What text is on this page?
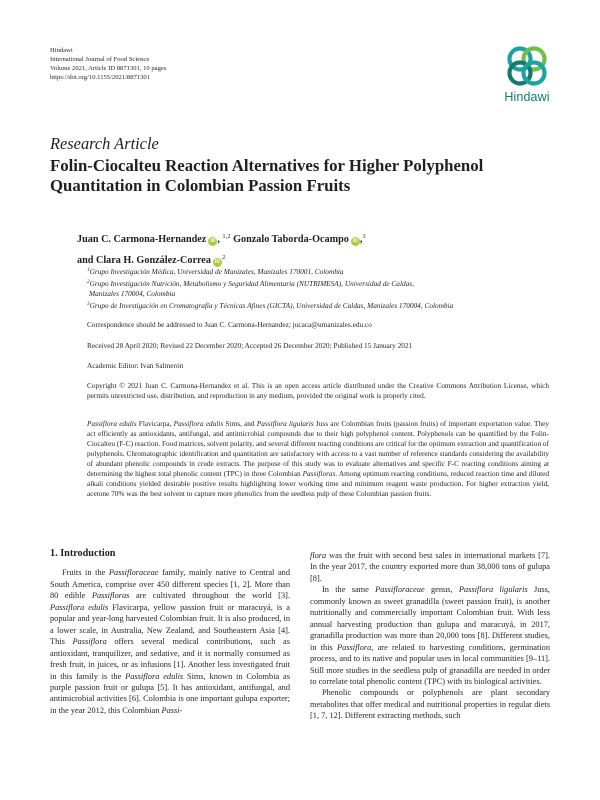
Hindawi
International Journal of Food Science
Volume 2021, Article ID 8871301, 10 pages
https://doi.org/10.1155/2021/8871301
Hindawi
Research Article
Folin-Ciocalteu Reaction Alternatives for Higher Polyphenol Quantitation in Colombian Passion Fruits
Juan C. Carmona-Hernandez iD , $^{1,2}$ Gonzalo Taborda-Ocampo iD ,$^3$
and Clara H. González-Correa $iD^2$
$^1$Grupo Investigación Médica, Universidad de Manizales, Manizales 170001, Colombia
$^2$Grupo Investigación Nutrición, Metabolismo y Seguridad Alimentaria (NUTRIMESA), Universidad de Caldas,
Manizales 170004, Colombia
$^3$Grupo de Investigación en Cromatografía y Técnicas Afines (GICTA), Universidad de Caldas, Manizales 170004, Colombia
Correspondence should be addressed to Juan C. Carmona-Hernandez; jucaca@umanizales.edu.co
Received 28 April 2020; Revised 22 December 2020; Accepted 26 December 2020; Published 15 January 2021
Academic Editor: Ivan Salmerón
Copyright © 2021 Juan C. Carmona-Hernandez et al. This is an open access article distributed under the Creative Commons Attribution License, which permits unrestricted use, distribution, and reproduction in any medium, provided the original work is properly cited.

Passiflora edulis Flavicarpa, Passiflora edulis Sims, and Passiflora ligularis Juss are Colombian fruits (passion fruits) of important exportation value. They act efficiently as antioxidants, antifungal, and antimicrobial compounds due to their high polyphenol content. Polyphenols can be quantified by the Folin-Ciocalteu (F-C) reaction. Food matrices, solvent polarity, and several different reacting conditions are critical for the optimum extraction and quantification of polyphenols. Chromatographic identification and quantitation are satisfactory with access to a vast number of reference standards considering the availability of abundant phenolic compounds in crude extracts. The purpose of this study was to evaluate alternatives and specific F-C reacting conditions aiming at determining the highest total phenolic content (TPC) in three Colombian Passifloras. Among optimum reacting conditions, reduced reaction time and diluted alkali conditions yielded desirable positive results highlighting lower working time and minimum reagent waste production. For higher extraction yield, acetone 70% was the best solvent to capture more phenolics from the seedless pulp of these Colombian passion fruits.

1. Introduction

Fruits in the Passifloraceae family, mainly native to Central and South America, comprise over 450 different species [1, 2]. More than 80 edible Passifloras are cultivated throughout the world [3]. Passiflora edulis Flavicarpa, yellow passion fruit or maracuyá, is a popular and year-long harvested Colombian fruit. It is also produced, in a lower scale, in Australia, New Zealand, and Southeastern Asia [4]. This Passiflora offers several medical contributions, such as antioxidant, tranquilizer, and sedative, and it is normally consumed as fresh fruit, in juices, or as infusions [1]. Another less investigated fruit in this family is the Passiflora edulis Sims, known in Colombia as purple passion fruit or gulupa [5]. It has antioxidant, antifungal, and antimicrobial activities [6]. Colombia is one important gulupa exporter; in the year 2012, this Colombian Passi-

flora was the fruit with second best sales in international markets [7]. In the year 2017, the country exported more than 38,000 tons of gulupa [8].

In the same Passifloraceae genus, Passiflora ligularis Juss, commonly known as sweet granadilla (sweet passion fruit), is another nutritionally and commercially important Colombian fruit. With less annual harvesting production than gulupa and maracuyá, in 2017, granadilla production was more than 20,000 tons [8]. Different studies, in this Passiflora, are related to harvesting conditions, germination process, and to its native and popular uses in local communities [9–11]. Still more studies in the seedless pulp of granadilla are needed in order to correlate total phenolic content (TPC) with its biological activities.

Phenolic compounds or polyphenols are plant secondary metabolites that offer medical and nutritional properties in regular diets [1, 7, 12]. Different extracting methods, such
